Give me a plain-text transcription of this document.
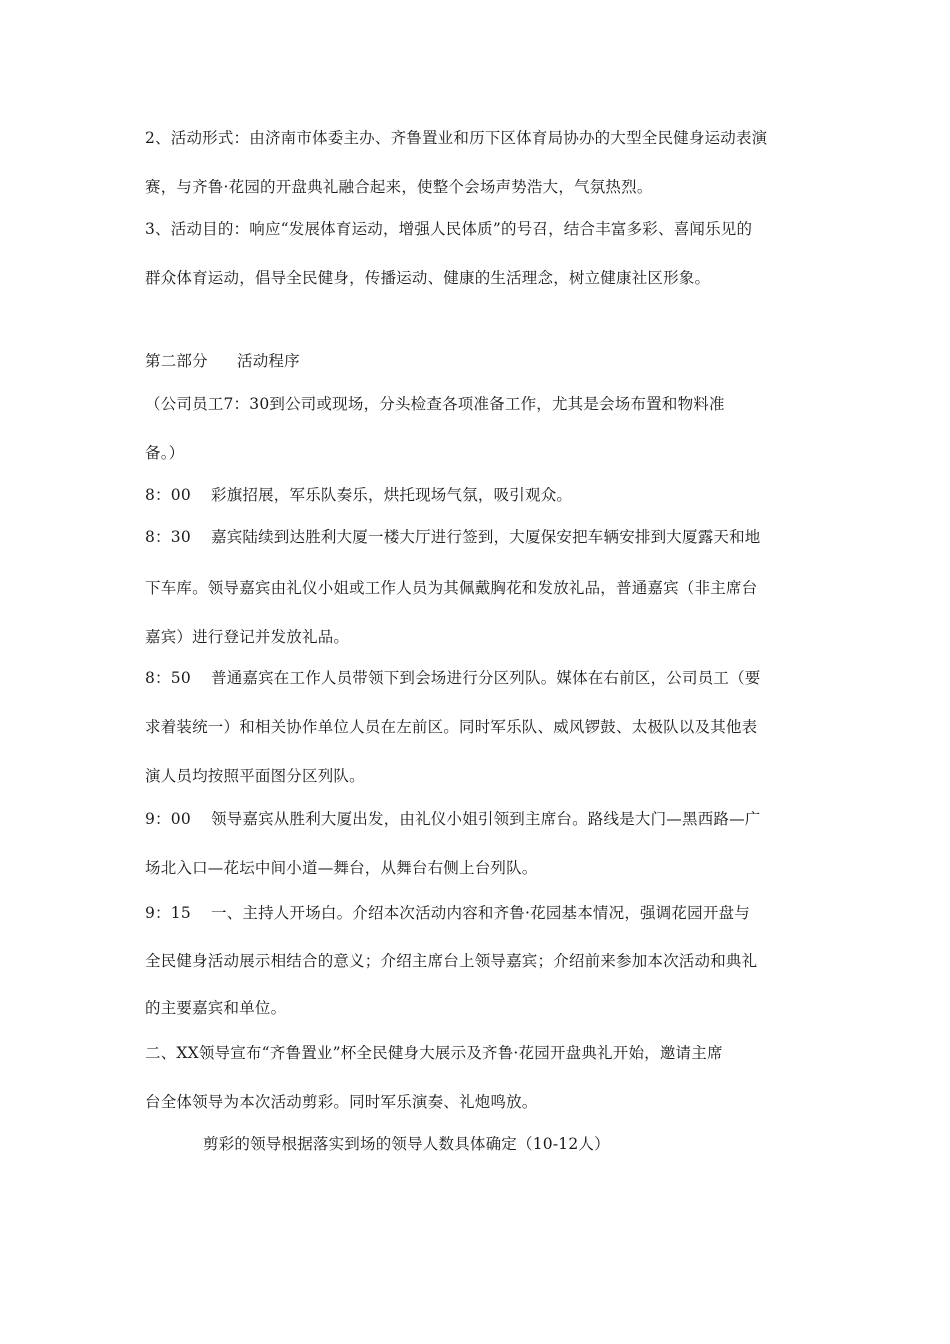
2、活动形式：由济南市体委主办、齐鲁置业和历下区体育局协办的大型全民健身运动表演
赛，与齐鲁·花园的开盘典礼融合起来，使整个会场声势浩大，气氛热烈。
3、活动目的：响应“发展体育运动，增强人民体质”的号召，结合丰富多彩、喜闻乐见的
群众体育运动，倡导全民健身，传播运动、健康的生活理念，树立健康社区形象。
第二部分 活动程序
（公司员工7：30到公司或现场，分头检查各项准备工作，尤其是会场布置和物料准
备。）
8：00 彩旗招展，军乐队奏乐，烘托现场气氛，吸引观众。
8：30 嘉宾陆续到达胜利大厦一楼大厅进行签到，大厦保安把车辆安排到大厦露天和地
下车库。领导嘉宾由礼仪小姐或工作人员为其佩戴胸花和发放礼品，普通嘉宾（非主席台
嘉宾）进行登记并发放礼品。
8：50 普通嘉宾在工作人员带领下到会场进行分区列队。媒体在右前区，公司员工（要
求着装统一）和相关协作单位人员在左前区。同时军乐队、威风锣鼓、太极队以及其他表
演人员均按照平面图分区列队。
9：00 领导嘉宾从胜利大厦出发，由礼仪小姐引领到主席台。路线是大门—黑西路—广
场北入口—花坛中间小道—舞台，从舞台右侧上台列队。
9：15 一、主持人开场白。介绍本次活动内容和齐鲁·花园基本情况，强调花园开盘与
全民健身活动展示相结合的意义；介绍主席台上领导嘉宾；介绍前来参加本次活动和典礼
的主要嘉宾和单位。
二、XX领导宣布“齐鲁置业”杯全民健身大展示及齐鲁·花园开盘典礼开始，邀请主席
台全体领导为本次活动剪彩。同时军乐演奏、礼炮鸣放。
剪彩的领导根据落实到场的领导人数具体确定（10-12人）
